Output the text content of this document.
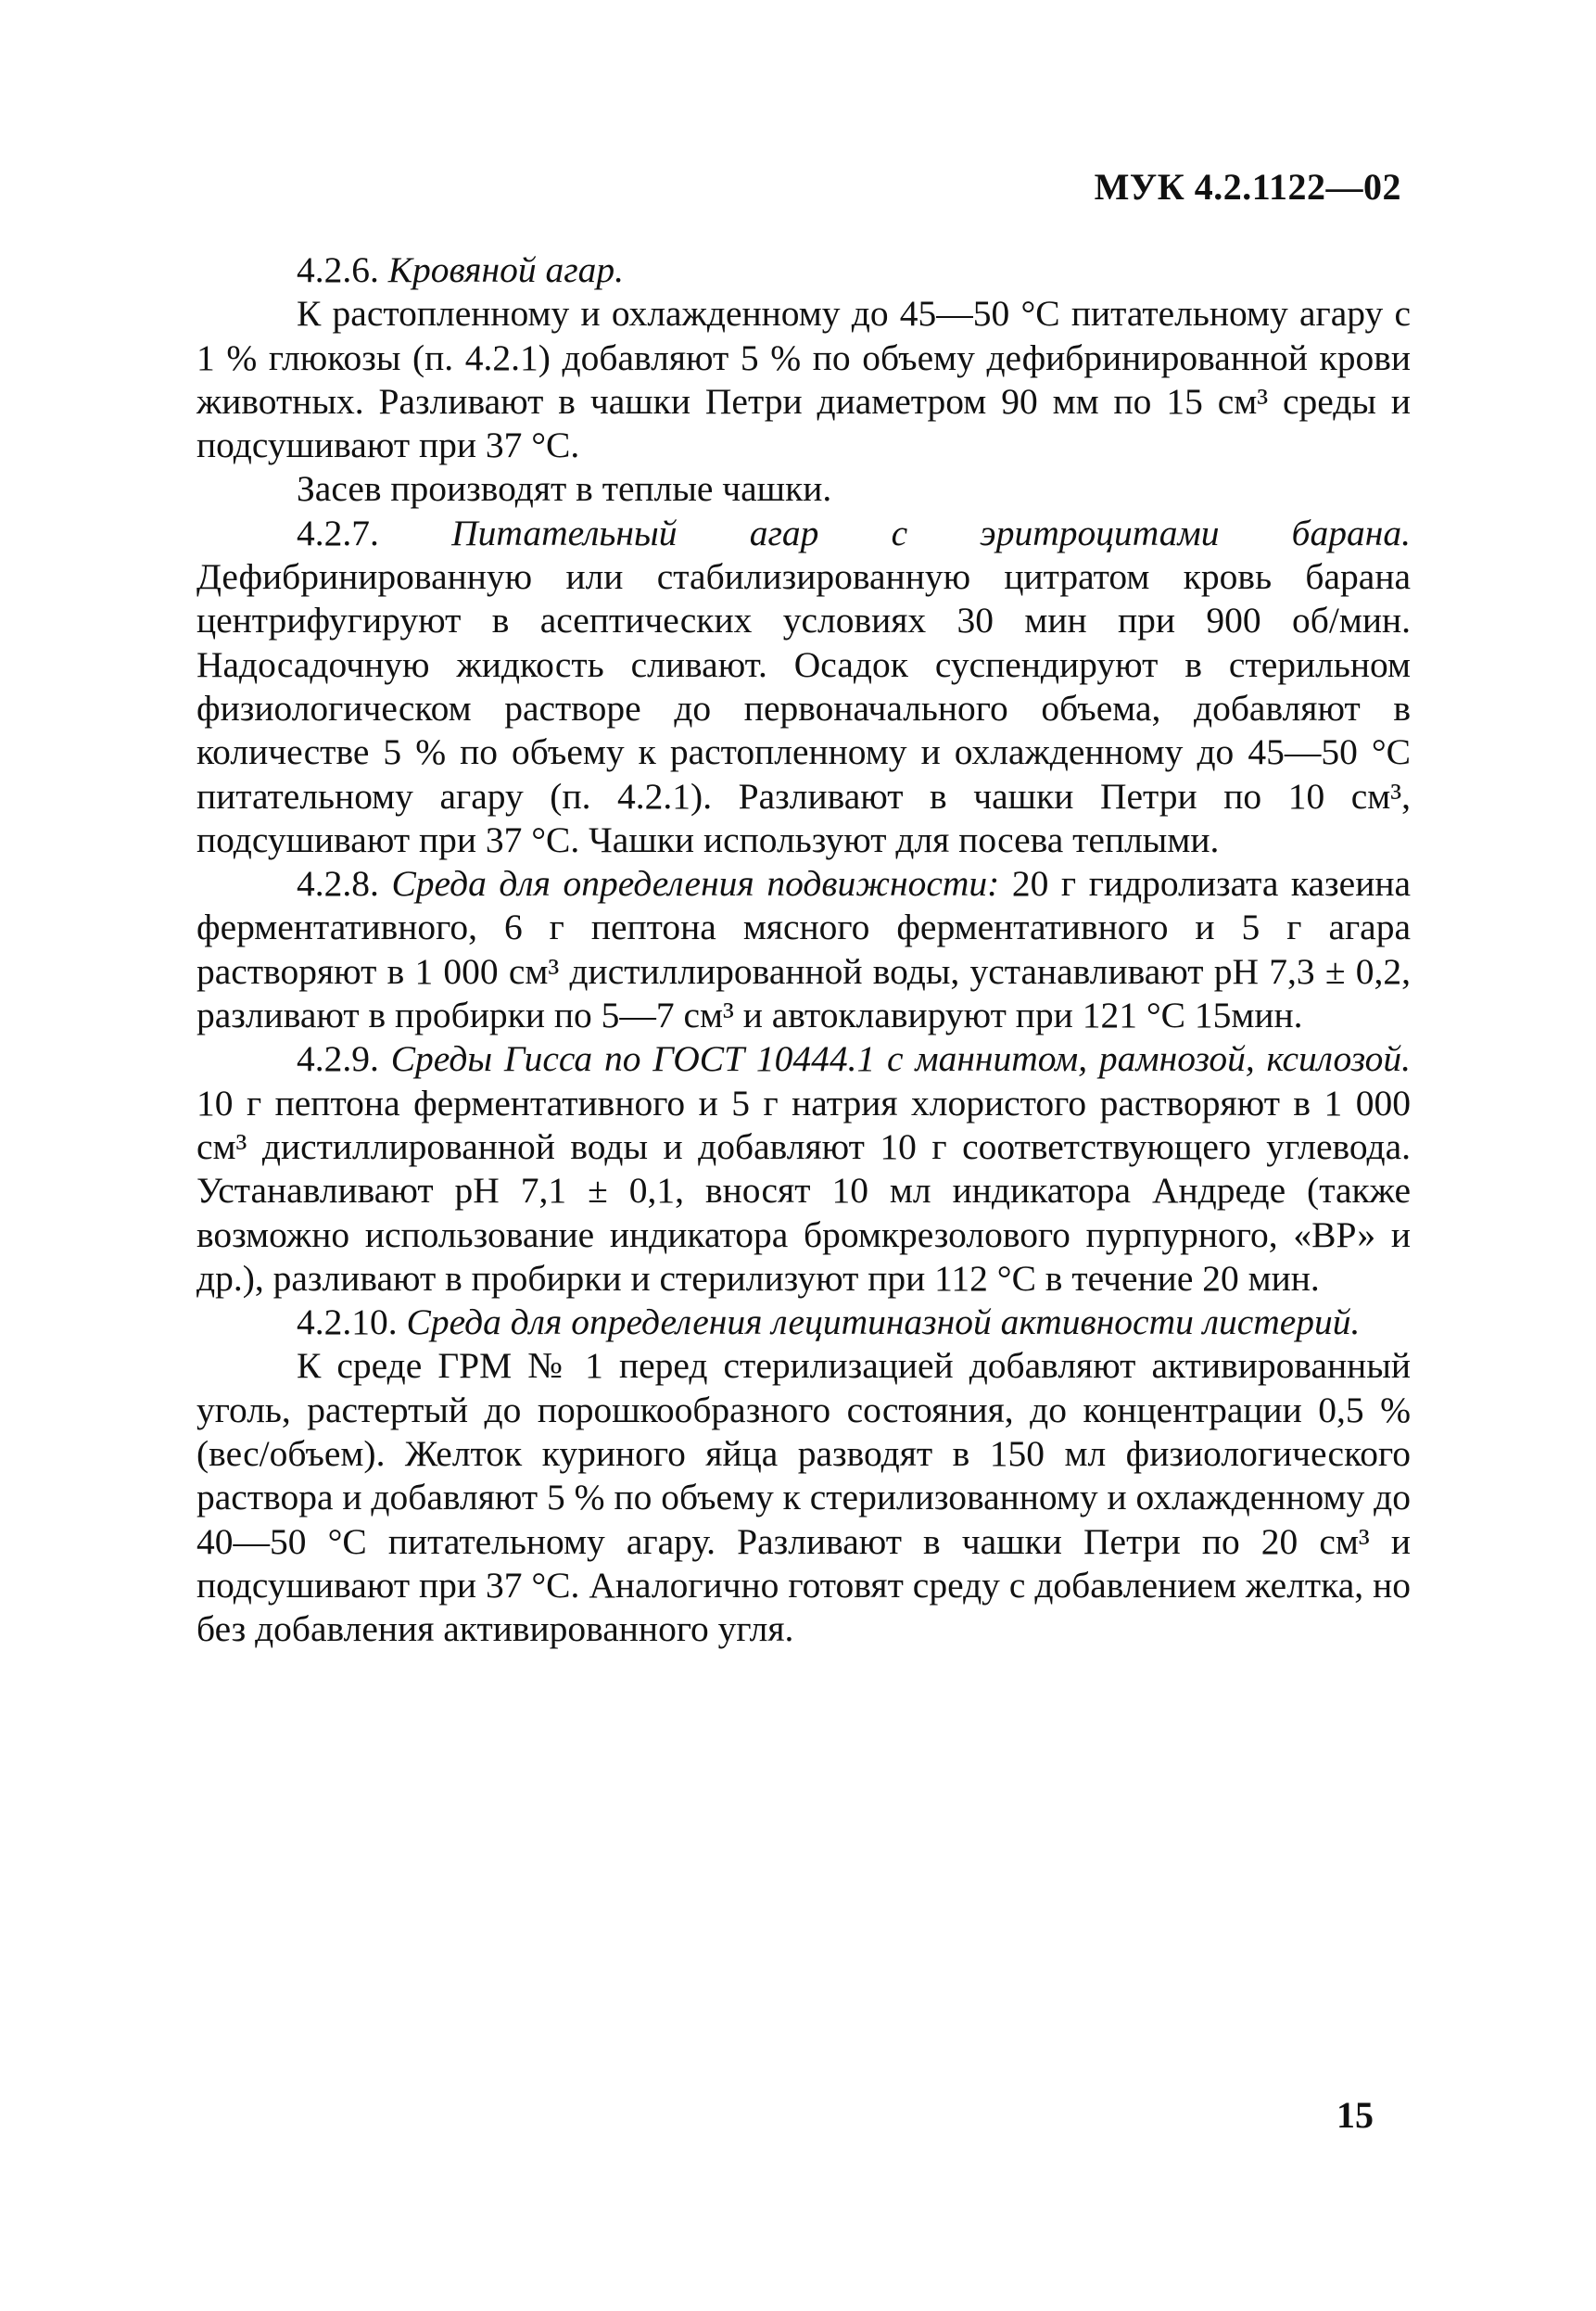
МУК 4.2.1122—02

4.2.6. Кровяной агар.

К растопленному и охлажденному до 45—50 °С питательному агару с 1 % глюкозы (п. 4.2.1) добавляют 5 % по объему дефибринированной крови животных. Разливают в чашки Петри диаметром 90 мм по 15 см³ среды и подсушивают при 37 °С.

Засев производят в теплые чашки.

4.2.7. Питательный агар с эритроцитами барана. Дефибринированную или стабилизированную цитратом кровь барана центрифугируют в асептических условиях 30 мин при 900 об/мин. Надосадочную жидкость сливают. Осадок суспендируют в стерильном физиологическом растворе до первоначального объема, добавляют в количестве 5 % по объему к растопленному и охлажденному до 45—50 °С питательному агару (п. 4.2.1). Разливают в чашки Петри по 10 см³, подсушивают при 37 °С. Чашки используют для посева теплыми.

4.2.8. Среда для определения подвижности: 20 г гидролизата казеина ферментативного, 6 г пептона мясного ферментативного и 5 г агара растворяют в 1 000 см³ дистиллированной воды, устанавливают рН 7,3 ± 0,2, разливают в пробирки по 5—7 см³ и автоклавируют при 121 °С 15мин.

4.2.9. Среды Гисса по ГОСТ 10444.1 с маннитом, рамнозой, ксилозой. 10 г пептона ферментативного и 5 г натрия хлористого растворяют в 1 000 см³ дистиллированной воды и добавляют 10 г соответствующего углевода. Устанавливают рН 7,1 ± 0,1, вносят 10 мл индикатора Андреде (также возможно использование индикатора бромкрезолового пурпурного, «ВР» и др.), разливают в пробирки и стерилизуют при 112 °С в течение 20 мин.

4.2.10. Среда для определения лецитиназной активности листерий.

К среде ГРМ № 1 перед стерилизацией добавляют активированный уголь, растертый до порошкообразного состояния, до концентрации 0,5 % (вес/объем). Желток куриного яйца разводят в 150 мл физиологического раствора и добавляют 5 % по объему к стерилизованному и охлажденному до 40—50 °С питательному агару. Разливают в чашки Петри по 20 см³ и подсушивают при 37 °С. Аналогично готовят среду с добавлением желтка, но без добавления активированного угля.

15
